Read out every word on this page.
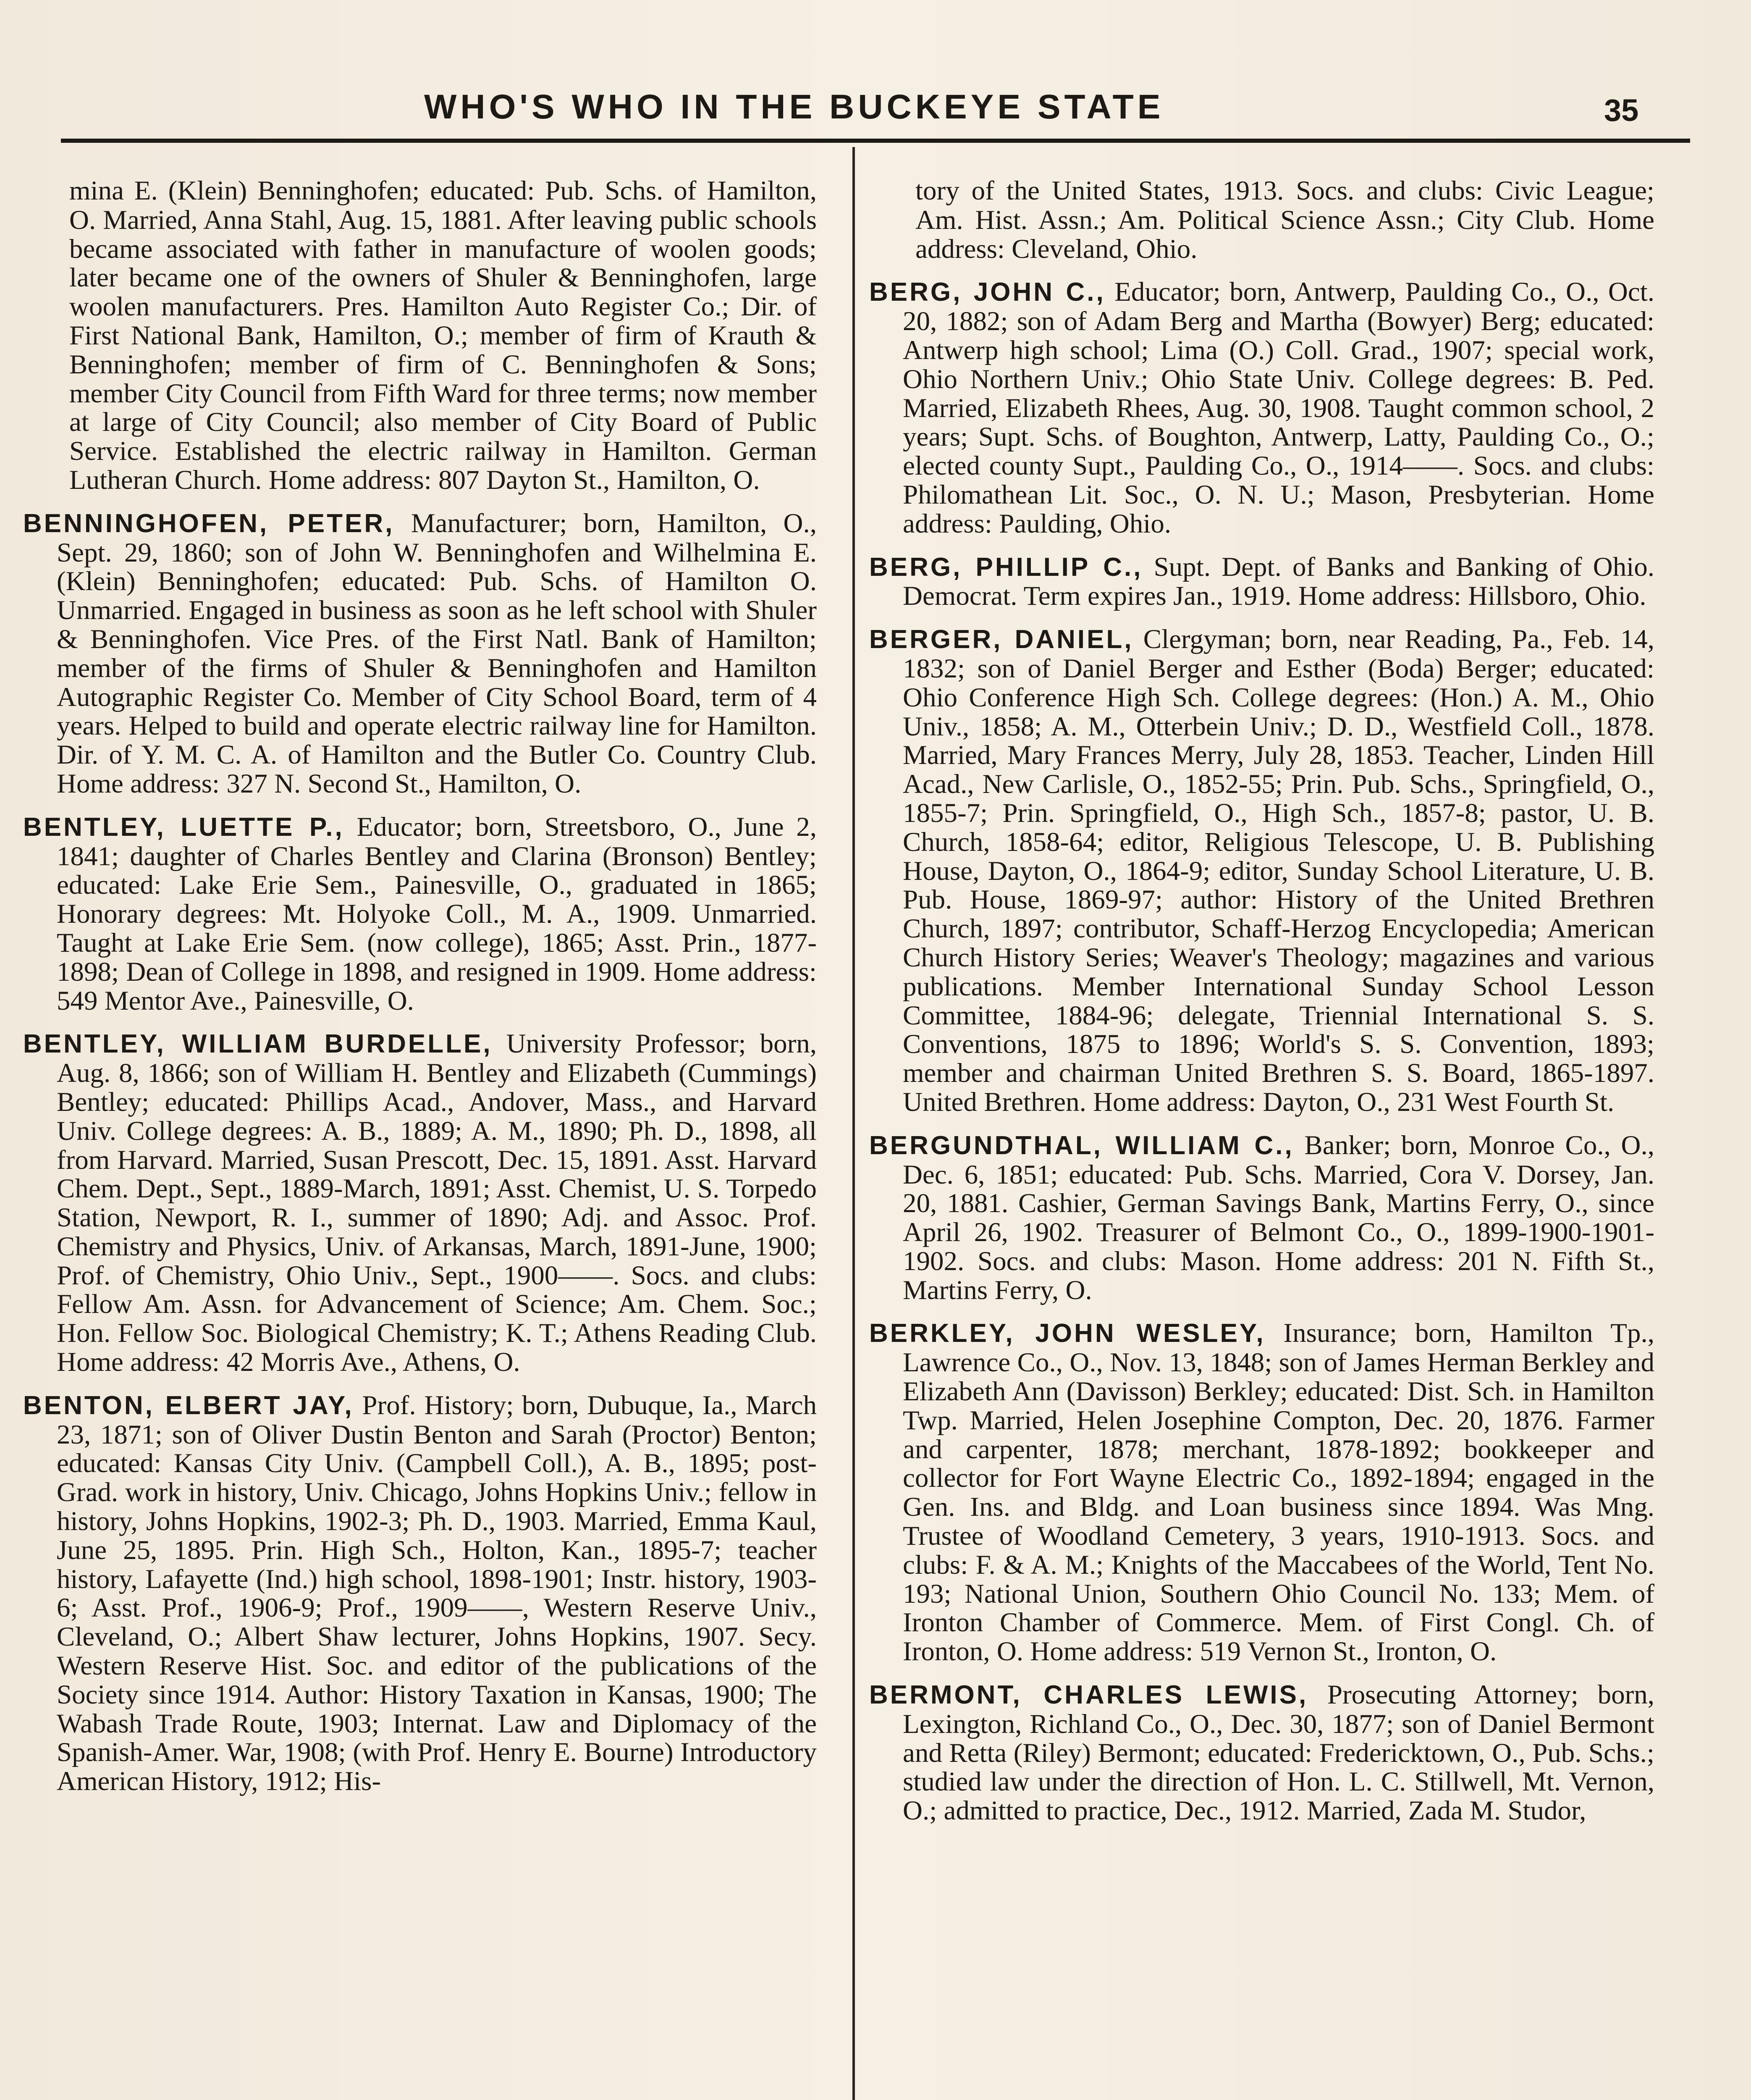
WHO'S WHO IN THE BUCKEYE STATE	35

mina E. (Klein) Benninghofen; educated: Pub. Schs. of Hamilton, O. Married, Anna Stahl, Aug. 15, 1881. After leaving public schools became associated with father in manufacture of woolen goods; later became one of the owners of Shuler & Benninghofen, large woolen manufacturers. Pres. Hamilton Auto Register Co.; Dir. of First National Bank, Hamilton, O.; member of firm of Krauth & Benninghofen; member of firm of C. Benninghofen & Sons; member City Council from Fifth Ward for three terms; now member at large of City Council; also member of City Board of Public Service. Established the electric railway in Hamilton. German Lutheran Church. Home address: 807 Dayton St., Hamilton, O.

BENNINGHOFEN, PETER, Manufacturer; born, Hamilton, O., Sept. 29, 1860; son of John W. Benninghofen and Wilhelmina E. (Klein) Benninghofen; educated: Pub. Schs. of Hamilton O. Unmarried. Engaged in business as soon as he left school with Shuler & Benninghofen. Vice Pres. of the First Natl. Bank of Hamilton; member of the firms of Shuler & Benninghofen and Hamilton Autographic Register Co. Member of City School Board, term of 4 years. Helped to build and operate electric railway line for Hamilton. Dir. of Y. M. C. A. of Hamilton and the Butler Co. Country Club. Home address: 327 N. Second St., Hamilton, O.

BENTLEY, LUETTE P., Educator; born, Streetsboro, O., June 2, 1841; daughter of Charles Bentley and Clarina (Bronson) Bentley; educated: Lake Erie Sem., Painesville, O., graduated in 1865; Honorary degrees: Mt. Holyoke Coll., M. A., 1909. Unmarried. Taught at Lake Erie Sem. (now college), 1865; Asst. Prin., 1877-1898; Dean of College in 1898, and resigned in 1909. Home address: 549 Mentor Ave., Painesville, O.

BENTLEY, WILLIAM BURDELLE, University Professor; born, Aug. 8, 1866; son of William H. Bentley and Elizabeth (Cummings) Bentley; educated: Phillips Acad., Andover, Mass., and Harvard Univ. College degrees: A. B., 1889; A. M., 1890; Ph. D., 1898, all from Harvard. Married, Susan Prescott, Dec. 15, 1891. Asst. Harvard Chem. Dept., Sept., 1889-March, 1891; Asst. Chemist, U. S. Torpedo Station, Newport, R. I., summer of 1890; Adj. and Assoc. Prof. Chemistry and Physics, Univ. of Arkansas, March, 1891-June, 1900; Prof. of Chemistry, Ohio Univ., Sept., 1900——. Socs. and clubs: Fellow Am. Assn. for Advancement of Science; Am. Chem. Soc.; Hon. Fellow Soc. Biological Chemistry; K. T.; Athens Reading Club. Home address: 42 Morris Ave., Athens, O.

BENTON, ELBERT JAY, Prof. History; born, Dubuque, Ia., March 23, 1871; son of Oliver Dustin Benton and Sarah (Proctor) Benton; educated: Kansas City Univ. (Campbell Coll.), A. B., 1895; post-Grad. work in history, Univ. Chicago, Johns Hopkins Univ.; fellow in history, Johns Hopkins, 1902-3; Ph. D., 1903. Married, Emma Kaul, June 25, 1895. Prin. High Sch., Holton, Kan., 1895-7; teacher history, Lafayette (Ind.) high school, 1898-1901; Instr. history, 1903-6; Asst. Prof., 1906-9; Prof., 1909——, Western Reserve Univ., Cleveland, O.; Albert Shaw lecturer, Johns Hopkins, 1907. Secy. Western Reserve Hist. Soc. and editor of the publications of the Society since 1914. Author: History Taxation in Kansas, 1900; The Wabash Trade Route, 1903; Internat. Law and Diplomacy of the Spanish-Amer. War, 1908; (with Prof. Henry E. Bourne) Introductory American History, 1912; His-

tory of the United States, 1913. Socs. and clubs: Civic League; Am. Hist. Assn.; Am. Political Science Assn.; City Club. Home address: Cleveland, Ohio.

BERG, JOHN C., Educator; born, Antwerp, Paulding Co., O., Oct. 20, 1882; son of Adam Berg and Martha (Bowyer) Berg; educated: Antwerp high school; Lima (O.) Coll. Grad., 1907; special work, Ohio Northern Univ.; Ohio State Univ. College degrees: B. Ped. Married, Elizabeth Rhees, Aug. 30, 1908. Taught common school, 2 years; Supt. Schs. of Boughton, Antwerp, Latty, Paulding Co., O.; elected county Supt., Paulding Co., O., 1914——. Socs. and clubs: Philomathean Lit. Soc., O. N. U.; Mason, Presbyterian. Home address: Paulding, Ohio.

BERG, PHILLIP C., Supt. Dept. of Banks and Banking of Ohio. Democrat. Term expires Jan., 1919. Home address: Hillsboro, Ohio.

BERGER, DANIEL, Clergyman; born, near Reading, Pa., Feb. 14, 1832; son of Daniel Berger and Esther (Boda) Berger; educated: Ohio Conference High Sch. College degrees: (Hon.) A. M., Ohio Univ., 1858; A. M., Otterbein Univ.; D. D., Westfield Coll., 1878. Married, Mary Frances Merry, July 28, 1853. Teacher, Linden Hill Acad., New Carlisle, O., 1852-55; Prin. Pub. Schs., Springfield, O., 1855-7; Prin. Springfield, O., High Sch., 1857-8; pastor, U. B. Church, 1858-64; editor, Religious Telescope, U. B. Publishing House, Dayton, O., 1864-9; editor, Sunday School Literature, U. B. Pub. House, 1869-97; author: History of the United Brethren Church, 1897; contributor, Schaff-Herzog Encyclopedia; American Church History Series; Weaver's Theology; magazines and various publications. Member International Sunday School Lesson Committee, 1884-96; delegate, Triennial International S. S. Conventions, 1875 to 1896; World's S. S. Convention, 1893; member and chairman United Brethren S. S. Board, 1865-1897. United Brethren. Home address: Dayton, O., 231 West Fourth St.

BERGUNDTHAL, WILLIAM C., Banker; born, Monroe Co., O., Dec. 6, 1851; educated: Pub. Schs. Married, Cora V. Dorsey, Jan. 20, 1881. Cashier, German Savings Bank, Martins Ferry, O., since April 26, 1902. Treasurer of Belmont Co., O., 1899-1900-1901-1902. Socs. and clubs: Mason. Home address: 201 N. Fifth St., Martins Ferry, O.

BERKLEY, JOHN WESLEY, Insurance; born, Hamilton Tp., Lawrence Co., O., Nov. 13, 1848; son of James Herman Berkley and Elizabeth Ann (Davisson) Berkley; educated: Dist. Sch. in Hamilton Twp. Married, Helen Josephine Compton, Dec. 20, 1876. Farmer and carpenter, 1878; merchant, 1878-1892; bookkeeper and collector for Fort Wayne Electric Co., 1892-1894; engaged in the Gen. Ins. and Bldg. and Loan business since 1894. Was Mng. Trustee of Woodland Cemetery, 3 years, 1910-1913. Socs. and clubs: F. & A. M.; Knights of the Maccabees of the World, Tent No. 193; National Union, Southern Ohio Council No. 133; Mem. of Ironton Chamber of Commerce. Mem. of First Congl. Ch. of Ironton, O. Home address: 519 Vernon St., Ironton, O.

BERMONT, CHARLES LEWIS, Prosecuting Attorney; born, Lexington, Richland Co., O., Dec. 30, 1877; son of Daniel Bermont and Retta (Riley) Bermont; educated: Fredericktown, O., Pub. Schs.; studied law under the direction of Hon. L. C. Stillwell, Mt. Vernon, O.; admitted to practice, Dec., 1912. Married, Zada M. Studor,
